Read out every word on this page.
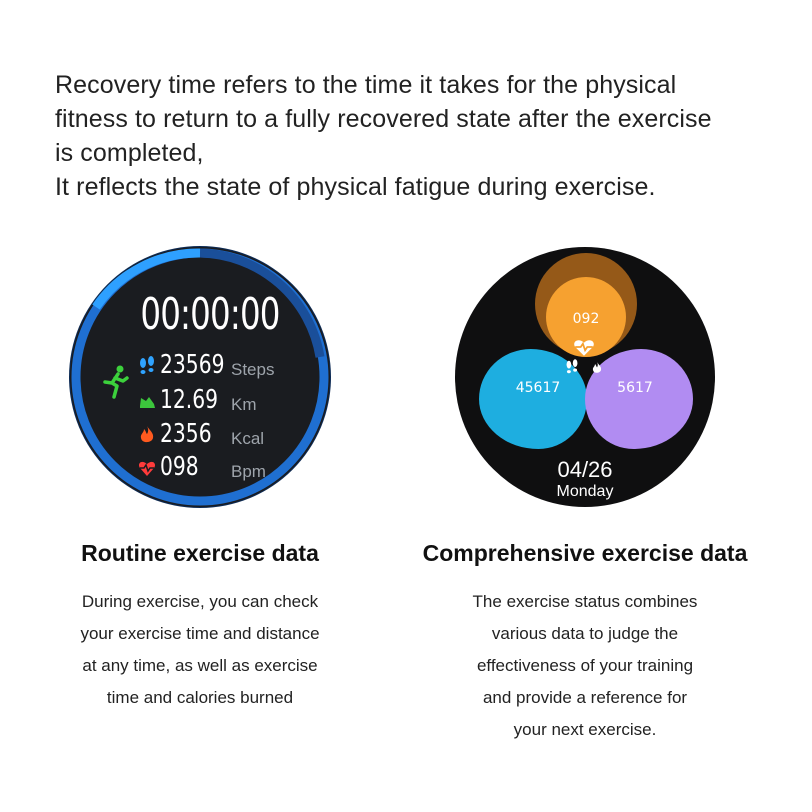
Recovery time refers to the time it takes for the physical
fitness to return to a fully recovered state after the exercise
is completed,
It reflects the state of physical fatigue during exercise.
00:00:00
23569 Steps
12.69 Km
2356 Kcal
098 Bpm
092
45617	5617
04/26
Monday
Routine exercise data
During exercise, you can check
your exercise time and distance
at any time, as well as exercise
time and calories burned
Comprehensive exercise data
The exercise status combines
various data to judge the
effectiveness of your training
and provide a reference for
your next exercise.
